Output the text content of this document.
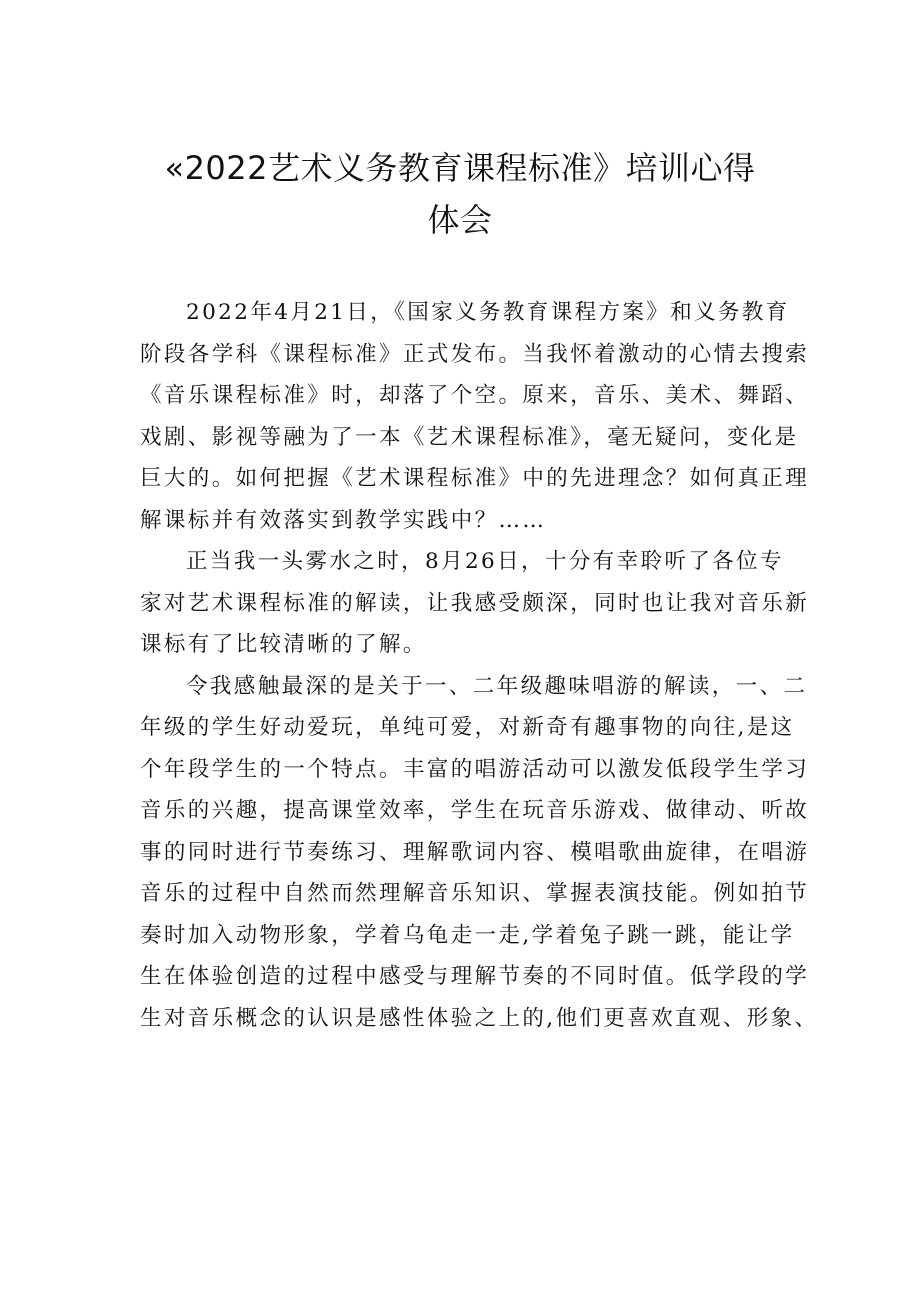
«2022艺术义务教育课程标准》培训心得
体会

2022年4月21日，《国家义务教育课程方案》和义务教育
阶段各学科《课程标准》正式发布。当我怀着激动的心情去搜索
《音乐课程标准》时，却落了个空。原来，音乐、美术、舞蹈、
戏剧、影视等融为了一本《艺术课程标准》，毫无疑问，变化是
巨大的。如何把握《艺术课程标准》中的先进理念？如何真正理
解课标并有效落实到教学实践中？……

正当我一头雾水之时，8月26日，十分有幸聆听了各位专
家对艺术课程标准的解读，让我感受颇深，同时也让我对音乐新
课标有了比较清晰的了解。

令我感触最深的是关于一、二年级趣味唱游的解读，一、二
年级的学生好动爱玩，单纯可爱，对新奇有趣事物的向往,是这
个年段学生的一个特点。丰富的唱游活动可以激发低段学生学习
音乐的兴趣，提高课堂效率，学生在玩音乐游戏、做律动、听故
事的同时进行节奏练习、理解歌词内容、模唱歌曲旋律，在唱游
音乐的过程中自然而然理解音乐知识、掌握表演技能。例如拍节
奏时加入动物形象，学着乌龟走一走,学着兔子跳一跳，能让学
生在体验创造的过程中感受与理解节奏的不同时值。低学段的学
生对音乐概念的认识是感性体验之上的,他们更喜欢直观、形象、
